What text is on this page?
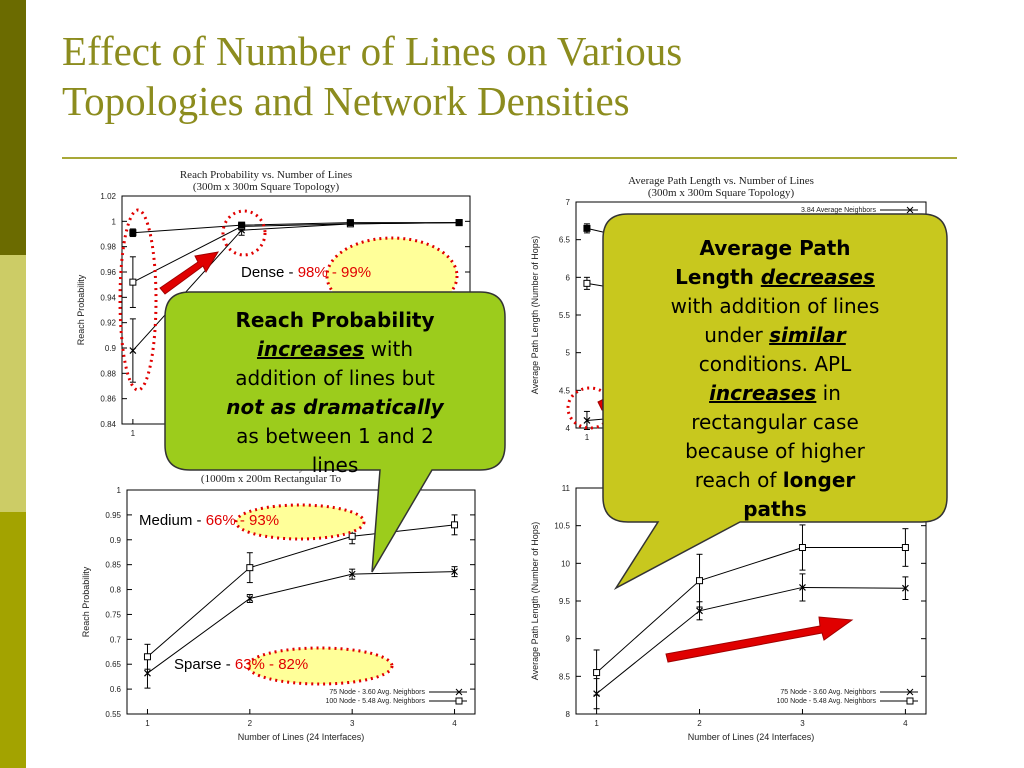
Effect of Number of Lines on Various
Topologies and Network Densities
Reach Probability vs. Number of Lines
(300m x 300m Square Topology)
0.84
0.86
0.88
0.9
0.92
0.94
0.96
0.98
1
1.02
1
Reach Probability
Average Path Length vs. Number of Lines
(300m x 300m Square Topology)
4
4.5
5
5.5
6
6.5
7
1
Average Path Length (Number of Hops)
3.84 Average Neighbors
(1000m x 200m Rectangular To
0.55
0.6
0.65
0.7
0.75
0.8
0.85
0.9
0.95
1
1	2	3	4
Number of Lines (24 Interfaces)
Reach Probability
75 Node - 3.60 Avg. Neighbors
100 Node - 5.48 Avg. Neighbors
8
8.5
9
9.5
10
10.5
11
1	2	3	4
Number of Lines (24 Interfaces)
Average Path Length (Number of Hops)
75 Node - 3.60 Avg. Neighbors
100 Node - 5.48 Avg. Neighbors
Dense - 98% - 99%
Medium - 66% - 93%
Sparse - 63% - 82%
Reach Probability
increases with
addition of lines but
not as dramatically
as between 1 and 2
lines
Average Path
Length decreases
with addition of lines
under similar
conditions. APL
increases in
rectangular case
because of higher
reach of longer
paths
